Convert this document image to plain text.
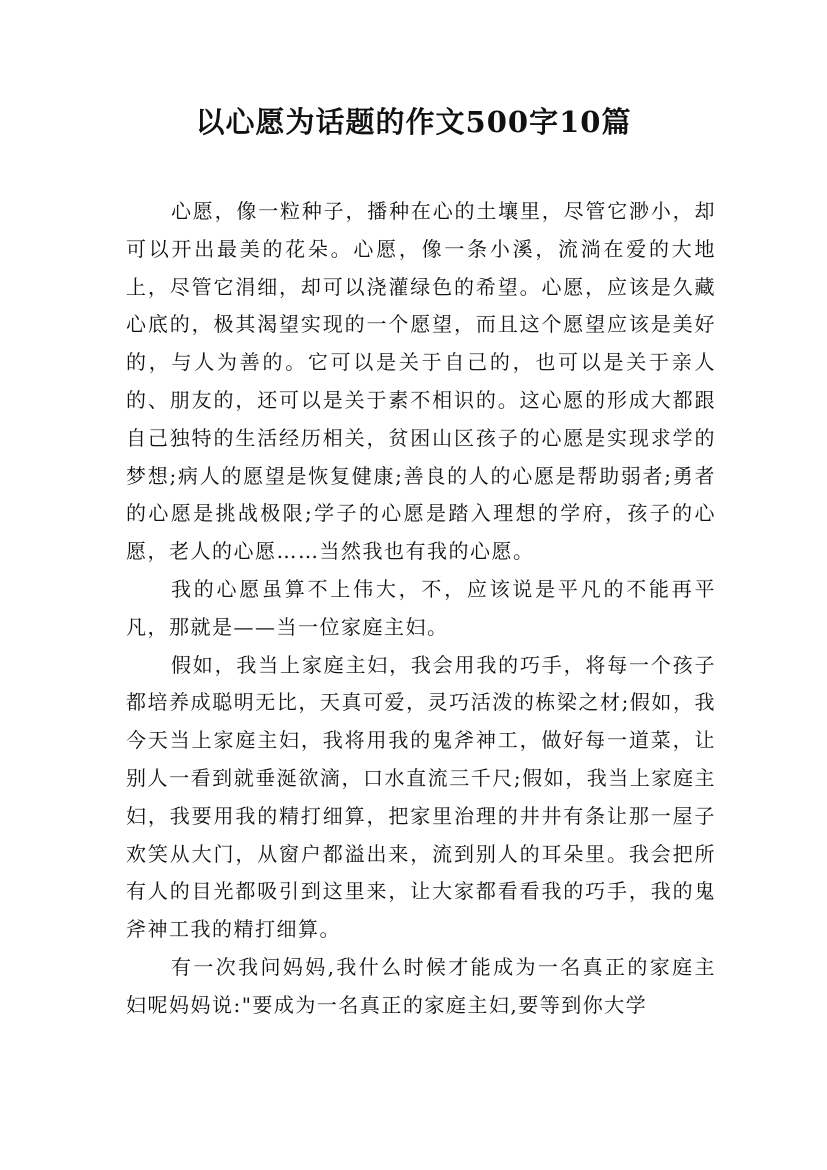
以心愿为话题的作文500字10篇

心愿，像一粒种子，播种在心的土壤里，尽管它渺小，却可以开出最美的花朵。心愿，像一条小溪，流淌在爱的大地上，尽管它涓细，却可以浇灌绿色的希望。心愿，应该是久藏心底的，极其渴望实现的一个愿望，而且这个愿望应该是美好的，与人为善的。它可以是关于自己的，也可以是关于亲人的、朋友的，还可以是关于素不相识的。这心愿的形成大都跟自己独特的生活经历相关，贫困山区孩子的心愿是实现求学的梦想;病人的愿望是恢复健康;善良的人的心愿是帮助弱者;勇者的心愿是挑战极限;学子的心愿是踏入理想的学府，孩子的心愿，老人的心愿……当然我也有我的心愿。

我的心愿虽算不上伟大，不，应该说是平凡的不能再平凡，那就是——当一位家庭主妇。

假如，我当上家庭主妇，我会用我的巧手，将每一个孩子都培养成聪明无比，天真可爱，灵巧活泼的栋梁之材;假如，我今天当上家庭主妇，我将用我的鬼斧神工，做好每一道菜，让别人一看到就垂涎欲滴，口水直流三千尺;假如，我当上家庭主妇，我要用我的精打细算，把家里治理的井井有条让那一屋子欢笑从大门，从窗户都溢出来，流到别人的耳朵里。我会把所有人的目光都吸引到这里来，让大家都看看我的巧手，我的鬼斧神工我的精打细算。

有一次我问妈妈,我什么时候才能成为一名真正的家庭主妇呢妈妈说:"要成为一名真正的家庭主妇,要等到你大学
